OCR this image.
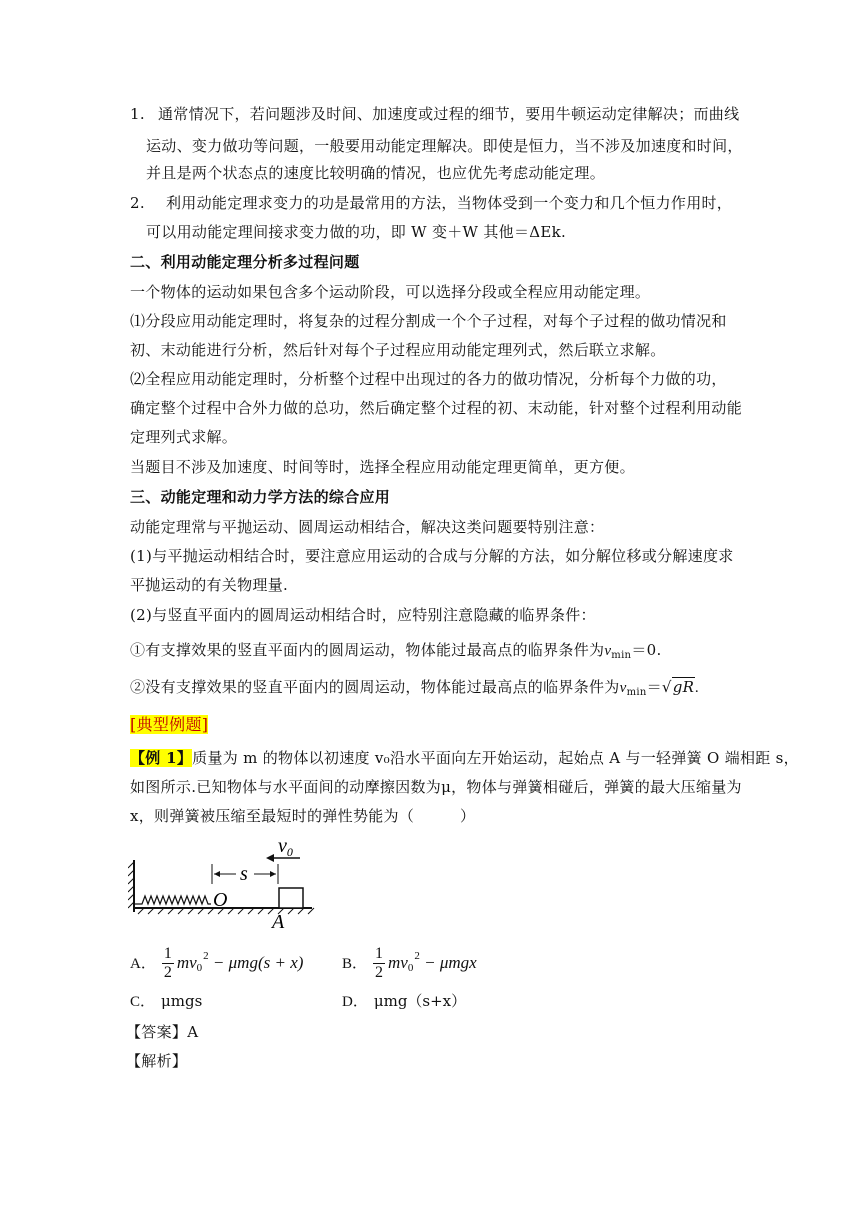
1. 通常情况下，若问题涉及时间、加速度或过程的细节，要用牛顿运动定律解决；而曲线
运动、变力做功等问题，一般要用动能定理解决。即使是恒力，当不涉及加速度和时间，
并且是两个状态点的速度比较明确的情况，也应优先考虑动能定理。
2. 利用动能定理求变力的功是最常用的方法，当物体受到一个变力和几个恒力作用时，
可以用动能定理间接求变力做的功，即 W 变＋W 其他＝ΔEk.
二、利用动能定理分析多过程问题
一个物体的运动如果包含多个运动阶段，可以选择分段或全程应用动能定理。
⑴分段应用动能定理时，将复杂的过程分割成一个个子过程，对每个子过程的做功情况和
初、末动能进行分析，然后针对每个子过程应用动能定理列式，然后联立求解。
⑵全程应用动能定理时，分析整个过程中出现过的各力的做功情况，分析每个力做的功，
确定整个过程中合外力做的总功，然后确定整个过程的初、末动能，针对整个过程利用动能
定理列式求解。
当题目不涉及加速度、时间等时，选择全程应用动能定理更简单，更方便。
三、动能定理和动力学方法的综合应用
动能定理常与平抛运动、圆周运动相结合，解决这类问题要特别注意：
(1)与平抛运动相结合时，要注意应用运动的合成与分解的方法，如分解位移或分解速度求
平抛运动的有关物理量.
(2)与竖直平面内的圆周运动相结合时，应特别注意隐藏的临界条件：
①有支撑效果的竖直平面内的圆周运动，物体能过最高点的临界条件为$v_{min}=0$.
②没有支撑效果的竖直平面内的圆周运动，物体能过最高点的临界条件为$v_{min}=√gR$.
[典型例题]
【例 1】质量为 m 的物体以初速度 v₀沿水平面向左开始运动，起始点 A 与一轻弹簧 O 端相距 s，
如图所示.已知物体与水平面间的动摩擦因数为μ，物体与弹簧相碰后，弹簧的最大压缩量为
x，则弹簧被压缩至最短时的弹性势能为（　　　）
O
s
$v_0$
A
A． $\frac{1}{2} mv0^2 - \mu mg(s + x)$	B． $\frac{1}{2} mv0^2 - \mu mgx$
C． μmgs	D． μmg（s+x）
【答案】A
【解析】
